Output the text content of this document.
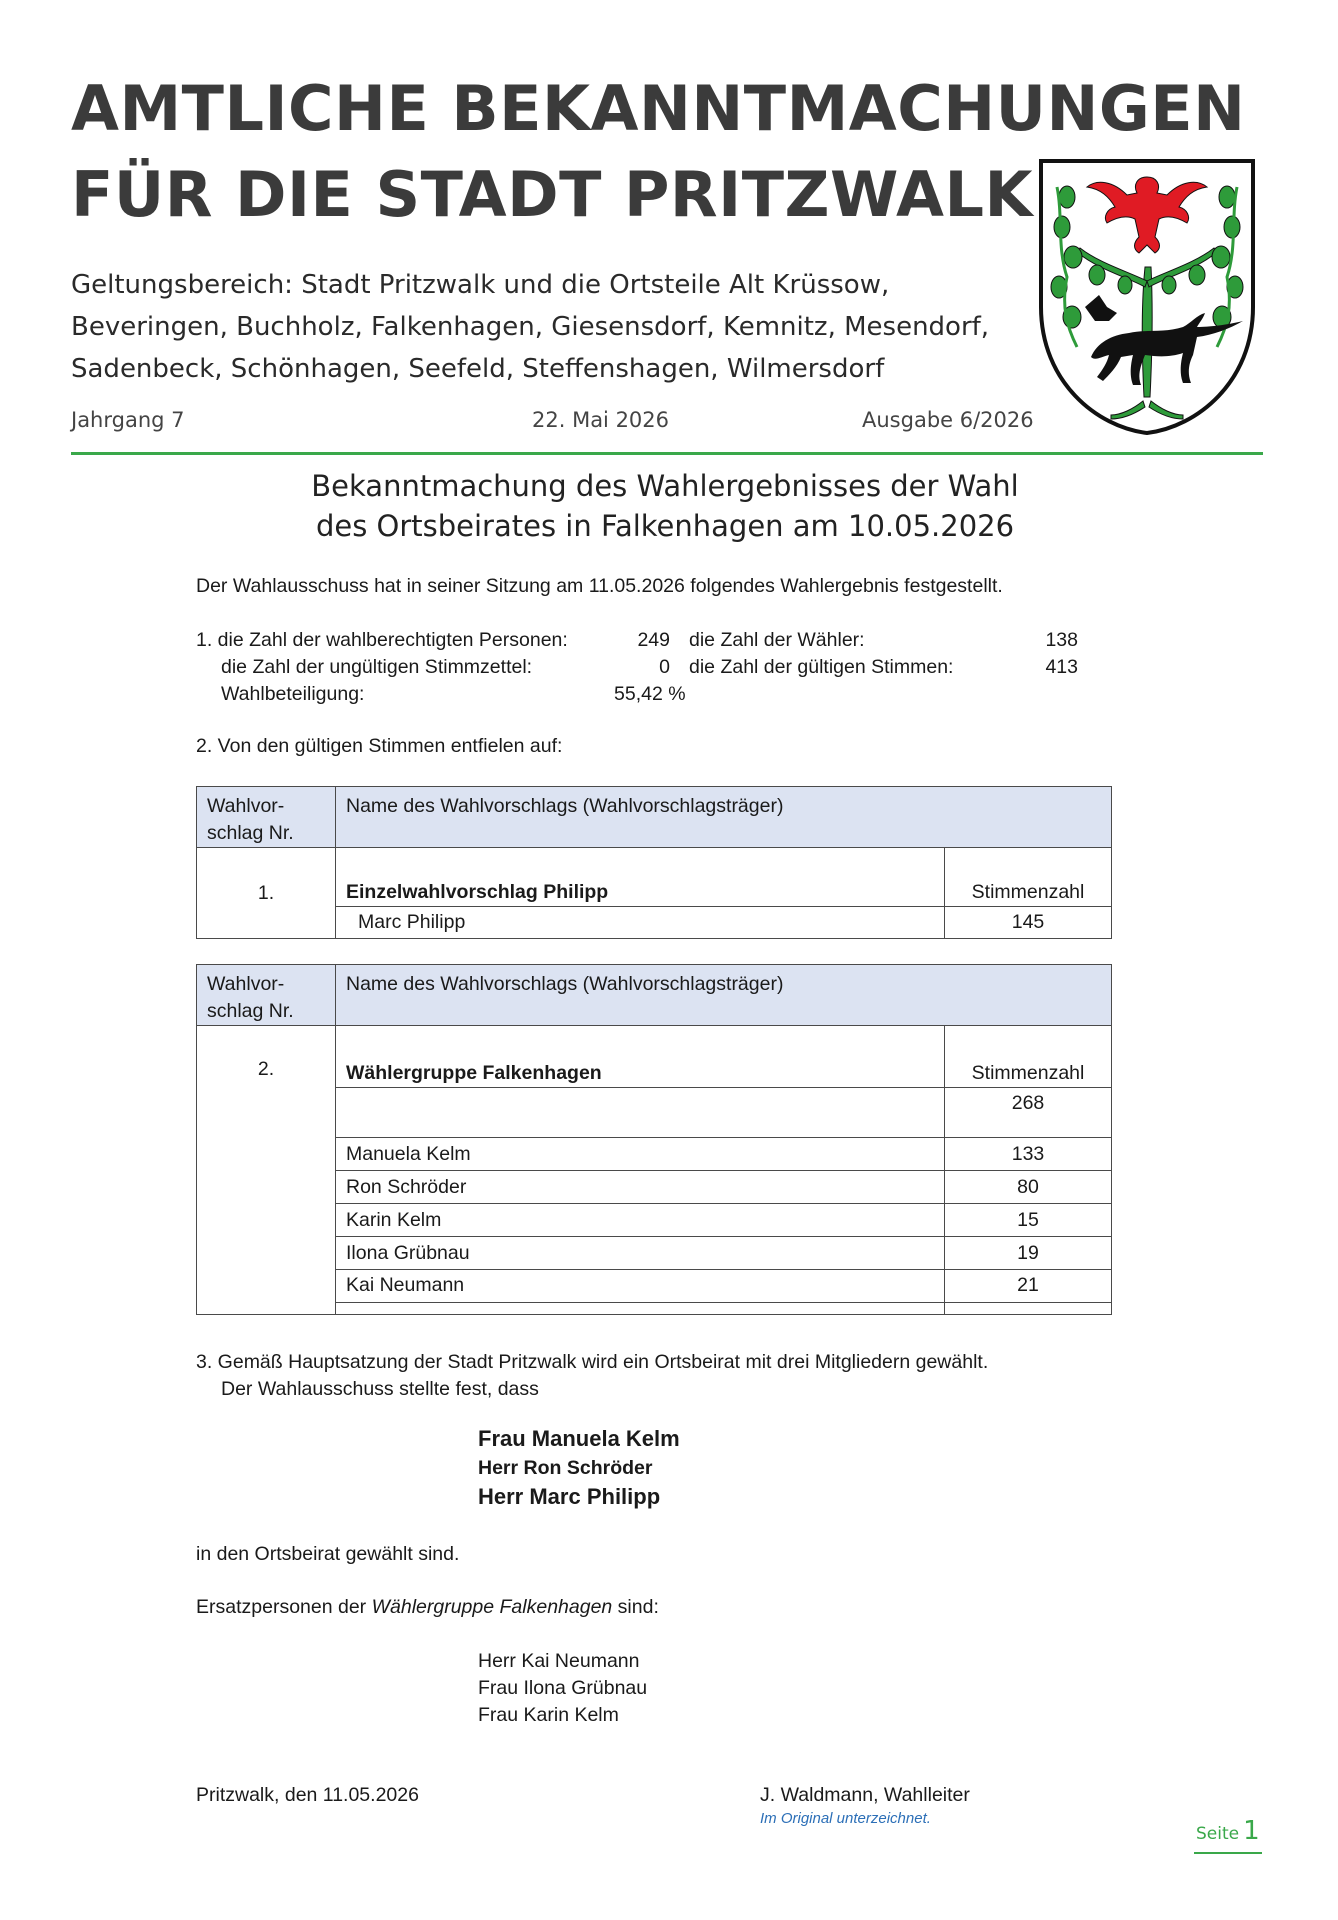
AMTLICHE BEKANNTMACHUNGEN
FÜR DIE STADT PRITZWALK
Geltungsbereich: Stadt Pritzwalk und die Ortsteile Alt Krüssow,
Beveringen, Buchholz, Falkenhagen, Giesensdorf, Kemnitz, Mesendorf,
Sadenbeck, Schönhagen, Seefeld, Steffenshagen, Wilmersdorf
Jahrgang 7	22. Mai 2026	Ausgabe 6/2026
Bekanntmachung des Wahlergebnisses der Wahl
des Ortsbeirates in Falkenhagen am 10.05.2026
Der Wahlausschuss hat in seiner Sitzung am 11.05.2026 folgendes Wahlergebnis festgestellt.
1. die Zahl der wahlberechtigten Personen:	249 die Zahl der Wähler:	138
die Zahl der ungültigen Stimmzettel:	0 die Zahl der gültigen Stimmen:	413
Wahlbeteiligung:	55,42 %
2. Von den gültigen Stimmen entfielen auf:
Wahlvor-
schlag Nr.	Name des Wahlvorschlags (Wahlvorschlagsträger)	
1.	Einzelwahlvorschlag Philipp	Stimmenzahl
	Marc Philipp	145
Wahlvor-
schlag Nr.	Name des Wahlvorschlags (Wahlvorschlagsträger)	
2.	Wählergruppe Falkenhagen	Stimmenzahl
		268
	Manuela Kelm	133
	Ron Schröder	80
	Karin Kelm	15
	Ilona Grübnau	19
	Kai Neumann	21

3. Gemäß Hauptsatzung der Stadt Pritzwalk wird ein Ortsbeirat mit drei Mitgliedern gewählt.
Der Wahlausschuss stellte fest, dass
Frau Manuela Kelm
Herr Ron Schröder
Herr Marc Philipp
in den Ortsbeirat gewählt sind.
Ersatzpersonen der Wählergruppe Falkenhagen sind:
Herr Kai Neumann
Frau Ilona Grübnau
Frau Karin Kelm
Pritzwalk, den 11.05.2026	J. Waldmann, Wahlleiter
Im Original unterzeichnet.
Seite 1
